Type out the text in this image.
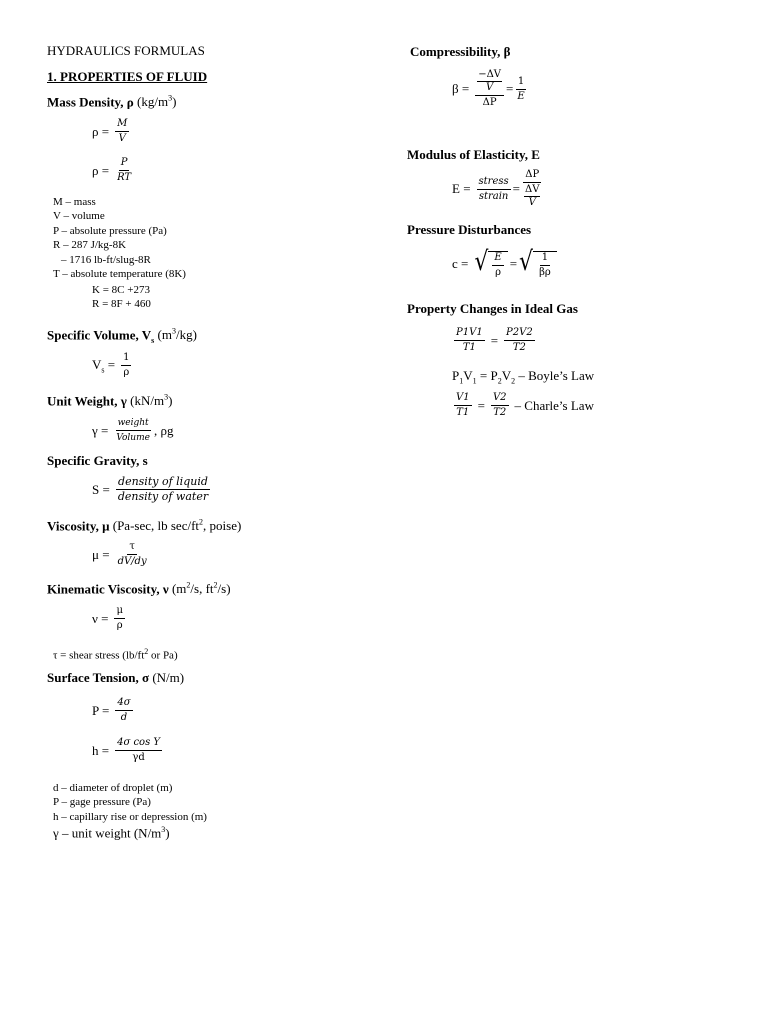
HYDRAULICS FORMULAS
1. PROPERTIES OF FLUID
Mass Density, ρ $(kg/m^3)$
$\rho = \frac{M}{V}$
$\rho = \frac{P}{RT}$
M – mass
V – volume
P – absolute pressure (Pa)
R – 287 J/kg-8K
– 1716 lb-ft/slug-8R
T – absolute temperature (8K)
K = 8C +273
R = 8F + 460
Specific Volume, $V_s$ $(m^3/kg)$
$V_s = \frac{1}{\rho}$
Unit Weight, γ $(kN/m^3)$
$\gamma = \frac{\text{weight}}{\text{Volume}}$ , ρg
Specific Gravity, s
$S = \frac{\text{density of liquid}}{\text{density of water}}$
Viscosity, μ (Pa-sec, lb $\sec/ft^2$, poise)
$\mu = \frac{\tau}{dV/dy}$
Kinematic Viscosity, ν ($m^2/s$, $ft^2/s$)
$\nu = \frac{\mu}{\rho}$
τ = shear stress ($lb/ft^2$ or Pa)
Surface Tension, σ (N/m)
$P = \frac{4\sigma}{d}$
$h = \frac{\text{4σ cos Υ}}{\gamma d}$
d – diameter of droplet (m)
P – gage pressure (Pa)
h – capillary rise or depression (m)
γ – unit weight $(N/m^3)$
Compressibility, β
β = −ΔV
V
$\Delta P = \frac{1}{E}$
Modulus of Elasticity, E
$E = \frac{\text{stress}}{\text{strain}} = \Delta P$
ΔV
V
Pressure Disturbances
c = √ $\frac{E}{\rho}$ = √ $\frac{1}{\beta\rho}$
Property Changes in Ideal Gas
$\frac{P1V1}{T1} = \frac{P2V2}{T2}$
$P_1V_1 = P_2V_2$ – Boyle’s Law
$\frac{V1}{T1} = \frac{V2}{T2}$ – Charle’s Law
